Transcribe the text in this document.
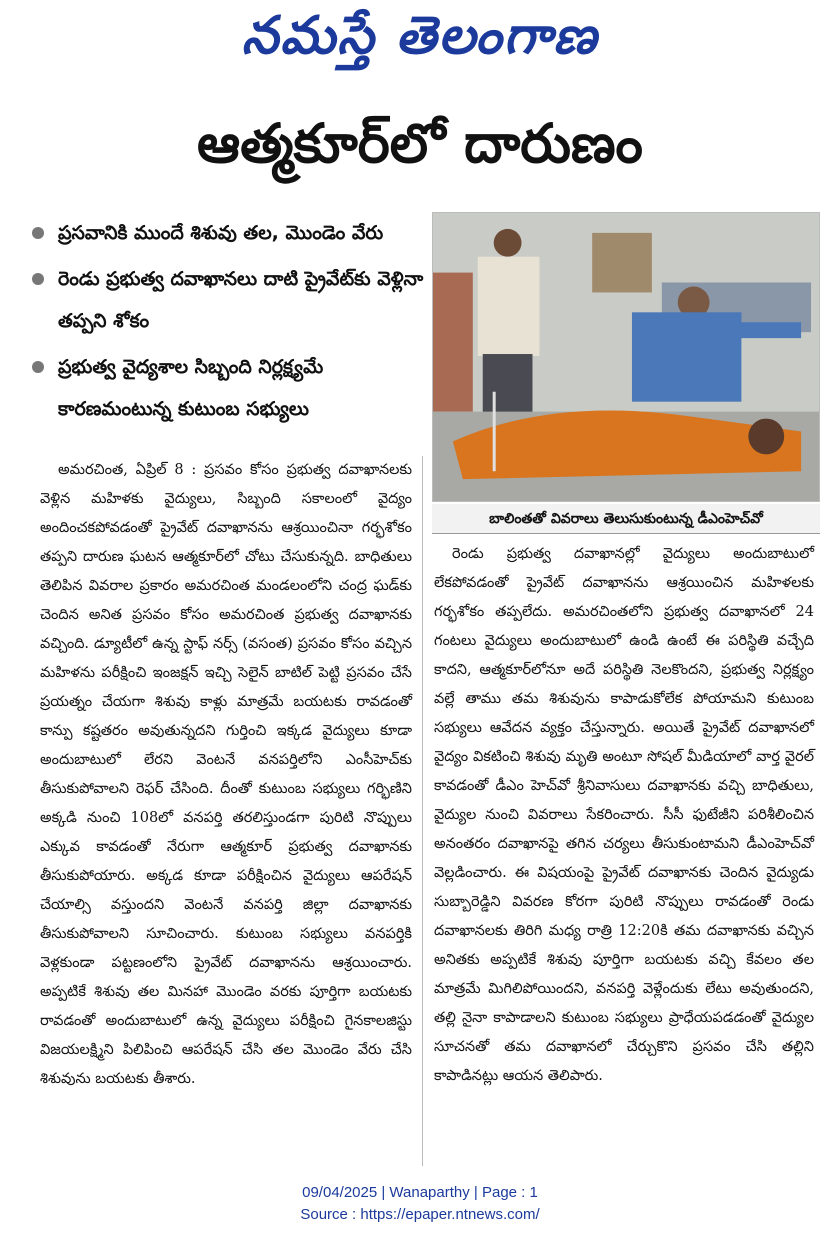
నమస్తే తెలంగాణ
ఆత్మకూర్‌లో దారుణం
ప్రసవానికి ముందే శిశువు తల, మొండెం వేరు
రెండు ప్రభుత్వ దవాఖానలు దాటి ప్రైవేట్‌కు వెళ్లినా తప్పని శోకం
ప్రభుత్వ వైద్యశాల సిబ్బంది నిర్లక్ష్యమే కారణమంటున్న కుటుంబ సభ్యులు
బాలింతతో వివరాలు తెలుసుకుంటున్న డీఎంహెచ్‌వో

అమరచింత, ఏప్రిల్ 8 : ప్రసవం కోసం ప్రభుత్వ దవాఖానలకు వెళ్లిన మహిళకు వైద్యులు, సిబ్బంది సకాలంలో వైద్యం అందించకపోవడంతో ప్రైవేట్ దవాఖానను ఆశ్రయించినా గర్భశోకం తప్పని దారుణ ఘటన ఆత్మకూర్‌లో చోటు చేసుకున్నది. బాధితులు తెలిపిన వివరాల ప్రకారం అమరచింత మండలంలోని చంద్ర ఘడ్‌కు చెందిన అనిత ప్రసవం కోసం అమరచింత ప్రభుత్వ దవాఖానకు వచ్చింది. డ్యూటీలో ఉన్న స్టాఫ్ నర్స్ (వసంత) ప్రసవం కోసం వచ్చిన మహిళను పరీక్షించి ఇంజక్షన్ ఇచ్చి సెలైన్ బాటిల్ పెట్టి ప్రసవం చేసే ప్రయత్నం చేయగా శిశువు కాళ్లు మాత్రమే బయటకు రావడంతో కాన్పు కష్టతరం అవుతున్నదని గుర్తించి ఇక్కడ వైద్యులు కూడా అందుబాటులో లేరని వెంటనే వనపర్తిలోని ఎంసీహెచ్‌కు తీసుకుపోవాలని రెఫర్ చేసింది. దీంతో కుటుంబ సభ్యులు గర్భిణిని అక్కడి నుంచి 108లో వనపర్తి తరలిస్తుండగా పురిటి నొప్పులు ఎక్కువ కావడంతో నేరుగా ఆత్మకూర్ ప్రభుత్వ దవాఖానకు తీసుకుపోయారు. అక్కడ కూడా పరీక్షించిన వైద్యులు ఆపరేషన్ చేయాల్సి వస్తుందని వెంటనే వనపర్తి జిల్లా దవాఖానకు తీసుకుపోవాలని సూచించారు. కుటుంబ సభ్యులు వనపర్తికి వెళ్లకుండా పట్టణంలోని ప్రైవేట్ దవాఖానను ఆశ్రయించారు. అప్పటికే శిశువు తల మినహా మొండెం వరకు పూర్తిగా బయటకు రావడంతో అందుబాటులో ఉన్న వైద్యులు పరీక్షించి గైనకాలజిస్టు విజయలక్ష్మిని పిలిపించి ఆపరేషన్ చేసి తల మొండెం వేరు చేసి శిశువును బయటకు తీశారు.

రెండు ప్రభుత్వ దవాఖానల్లో వైద్యులు అందుబాటులో లేకపోవడంతో ప్రైవేట్ దవాఖానను ఆశ్రయించిన మహిళలకు గర్భశోకం తప్పలేదు. అమరచింతలోని ప్రభుత్వ దవాఖానలో 24 గంటలు వైద్యులు అందుబాటులో ఉండి ఉంటే ఈ పరిస్థితి వచ్చేది కాదని, ఆత్మకూర్‌లోనూ అదే పరిస్థితి నెలకొందని, ప్రభుత్వ నిర్లక్ష్యం వల్లే తాము తమ శిశువును కాపాడుకోలేక పోయామని కుటుంబ సభ్యులు ఆవేదన వ్యక్తం చేస్తున్నారు. అయితే ప్రైవేట్ దవాఖానలో వైద్యం వికటించి శిశువు మృతి అంటూ సోషల్ మీడియాలో వార్త వైరల్ కావడంతో డీఎం హెచ్‌వో శ్రీనివాసులు దవాఖానకు వచ్చి బాధితులు, వైద్యుల నుంచి వివరాలు సేకరించారు. సీసీ ఫుటేజీని పరిశీలించిన అనంతరం దవాఖానపై తగిన చర్యలు తీసుకుంటామని డీఎంహెచ్‌వో వెల్లడించారు. ఈ విషయంపై ప్రైవేట్ దవాఖానకు చెందిన వైద్యుడు సుబ్బారెడ్డిని వివరణ కోరగా పురిటి నొప్పులు రావడంతో రెండు దవాఖానలకు తిరిగి మధ్య రాత్రి 12:20కి తమ దవాఖానకు వచ్చిన అనితకు అప్పటికే శిశువు పూర్తిగా బయటకు వచ్చి కేవలం తల మాత్రమే మిగిలిపోయిందని, వనపర్తి వెళ్లేందుకు లేటు అవుతుందని, తల్లి నైనా కాపాడాలని కుటుంబ సభ్యులు ప్రాధేయపడడంతో వైద్యుల సూచనతో తమ దవాఖానలో చేర్చుకొని ప్రసవం చేసి తల్లిని కాపాడినట్లు ఆయన తెలిపారు.

09/04/2025 | Wanaparthy | Page : 1
Source : https://epaper.ntnews.com/
